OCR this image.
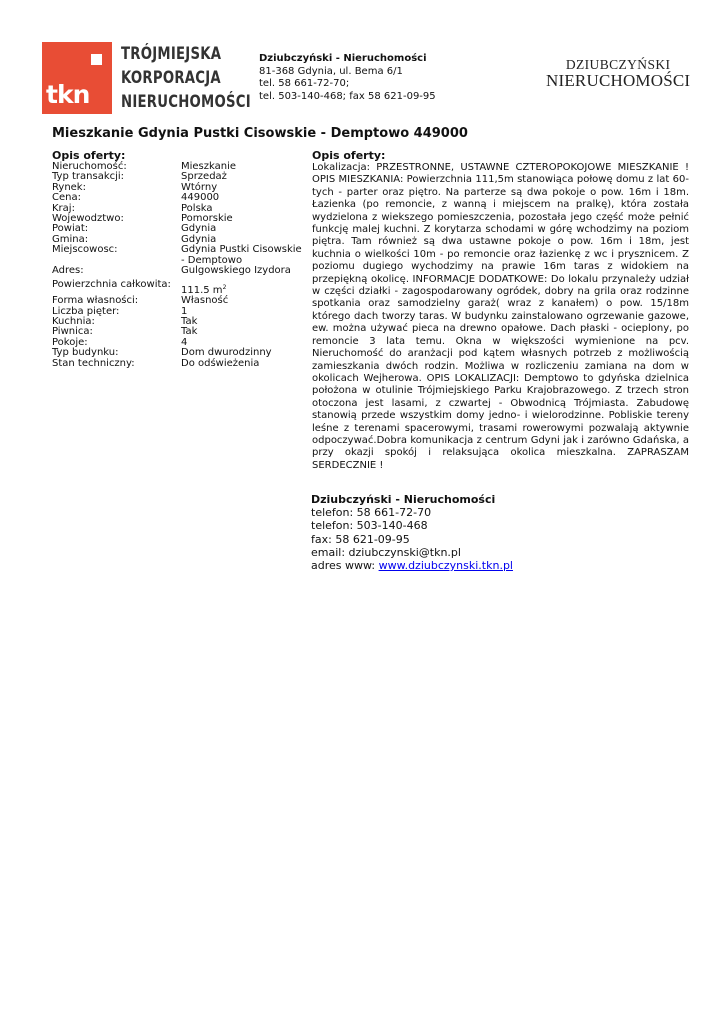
tkn
TRÓJMIEJSKA
KORPORACJA
NIERUCHOMOŚCI
Dziubczyński - Nieruchomości
81-368 Gdynia, ul. Bema 6/1
tel. 58 661-72-70;
tel. 503-140-468; fax 58 621-09-95
DZIUBCZYŃSKI
NIERUCHOMOŚCI
Mieszkanie Gdynia Pustki Cisowskie - Demptowo 449000
Opis oferty:
Nieruchomość:	Mieszkanie
Typ transakcji:	Sprzedaż
Rynek:	Wtórny
Cena:	449000
Kraj:	Polska
Wojewodztwo:	Pomorskie
Powiat:	Gdynia
Gmina:	Gdynia
Miejscowosc:	Gdynia Pustki Cisowskie - Demptowo
Adres:	Gulgowskiego Izydora
Powierzchnia całkowita:
111.5 $m^2$
Forma własności:	Własność
Liczba pięter:	1
Kuchnia:	Tak
Piwnica:	Tak
Pokoje:	4
Typ budynku:	Dom dwurodzinny
Stan techniczny:	Do odświeżenia
Opis oferty:

Lokalizacja: PRZESTRONNE, USTAWNE CZTEROPOKOJOWE MIESZKANIE ! OPIS MIESZKANIA: Powierzchnia 111,5m stanowiąca połowę domu z lat 60-tych - parter oraz piętro. Na parterze są dwa pokoje o pow. 16m i 18m. Łazienka (po remoncie, z wanną i miejscem na pralkę), która została wydzielona z wiekszego pomieszczenia, pozostała jego część może pełnić funkcję malej kuchni. Z korytarza schodami w górę wchodzimy na poziom piętra. Tam również są dwa ustawne pokoje o pow. 16m i 18m, jest kuchnia o wielkości 10m - po remoncie oraz łazienkę z wc i prysznicem. Z poziomu dugiego wychodzimy na prawie 16m taras z widokiem na przepiękną okolicę. INFORMACJE DODATKOWE: Do lokalu przynależy udział w części działki - zagospodarowany ogródek, dobry na grila oraz rodzinne spotkania oraz samodzielny garaż( wraz z kanałem) o pow. 15/18m którego dach tworzy taras. W budynku zainstalowano ogrzewanie gazowe, ew. można używać pieca na drewno opałowe. Dach płaski - ocieplony, po remoncie 3 lata temu. Okna w większości wymienione na pcv. Nieruchomość do aranżacji pod kątem własnych potrzeb z możliwością zamieszkania dwóch rodzin. Możliwa w rozliczeniu zamiana na dom w okolicach Wejherowa. OPIS LOKALIZACJI: Demptowo to gdyńska dzielnica położona w otulinie Trójmiejskiego Parku Krajobrazowego. Z trzech stron otoczona jest lasami, z czwartej - Obwodnicą Trójmiasta. Zabudowę stanowią przede wszystkim domy jedno- i wielorodzinne. Pobliskie tereny leśne z terenami spacerowymi, trasami rowerowymi pozwalają aktywnie odpoczywać.Dobra komunikacja z centrum Gdyni jak i zarówno Gdańska, a przy okazji spokój i relaksująca okolica mieszkalna. ZAPRASZAM SERDECZNIE !

Dziubczyński - Nieruchomości
telefon: 58 661-72-70
telefon: 503-140-468
fax: 58 621-09-95
email: dziubczynski@tkn.pl
adres www: www.dziubczynski.tkn.pl
